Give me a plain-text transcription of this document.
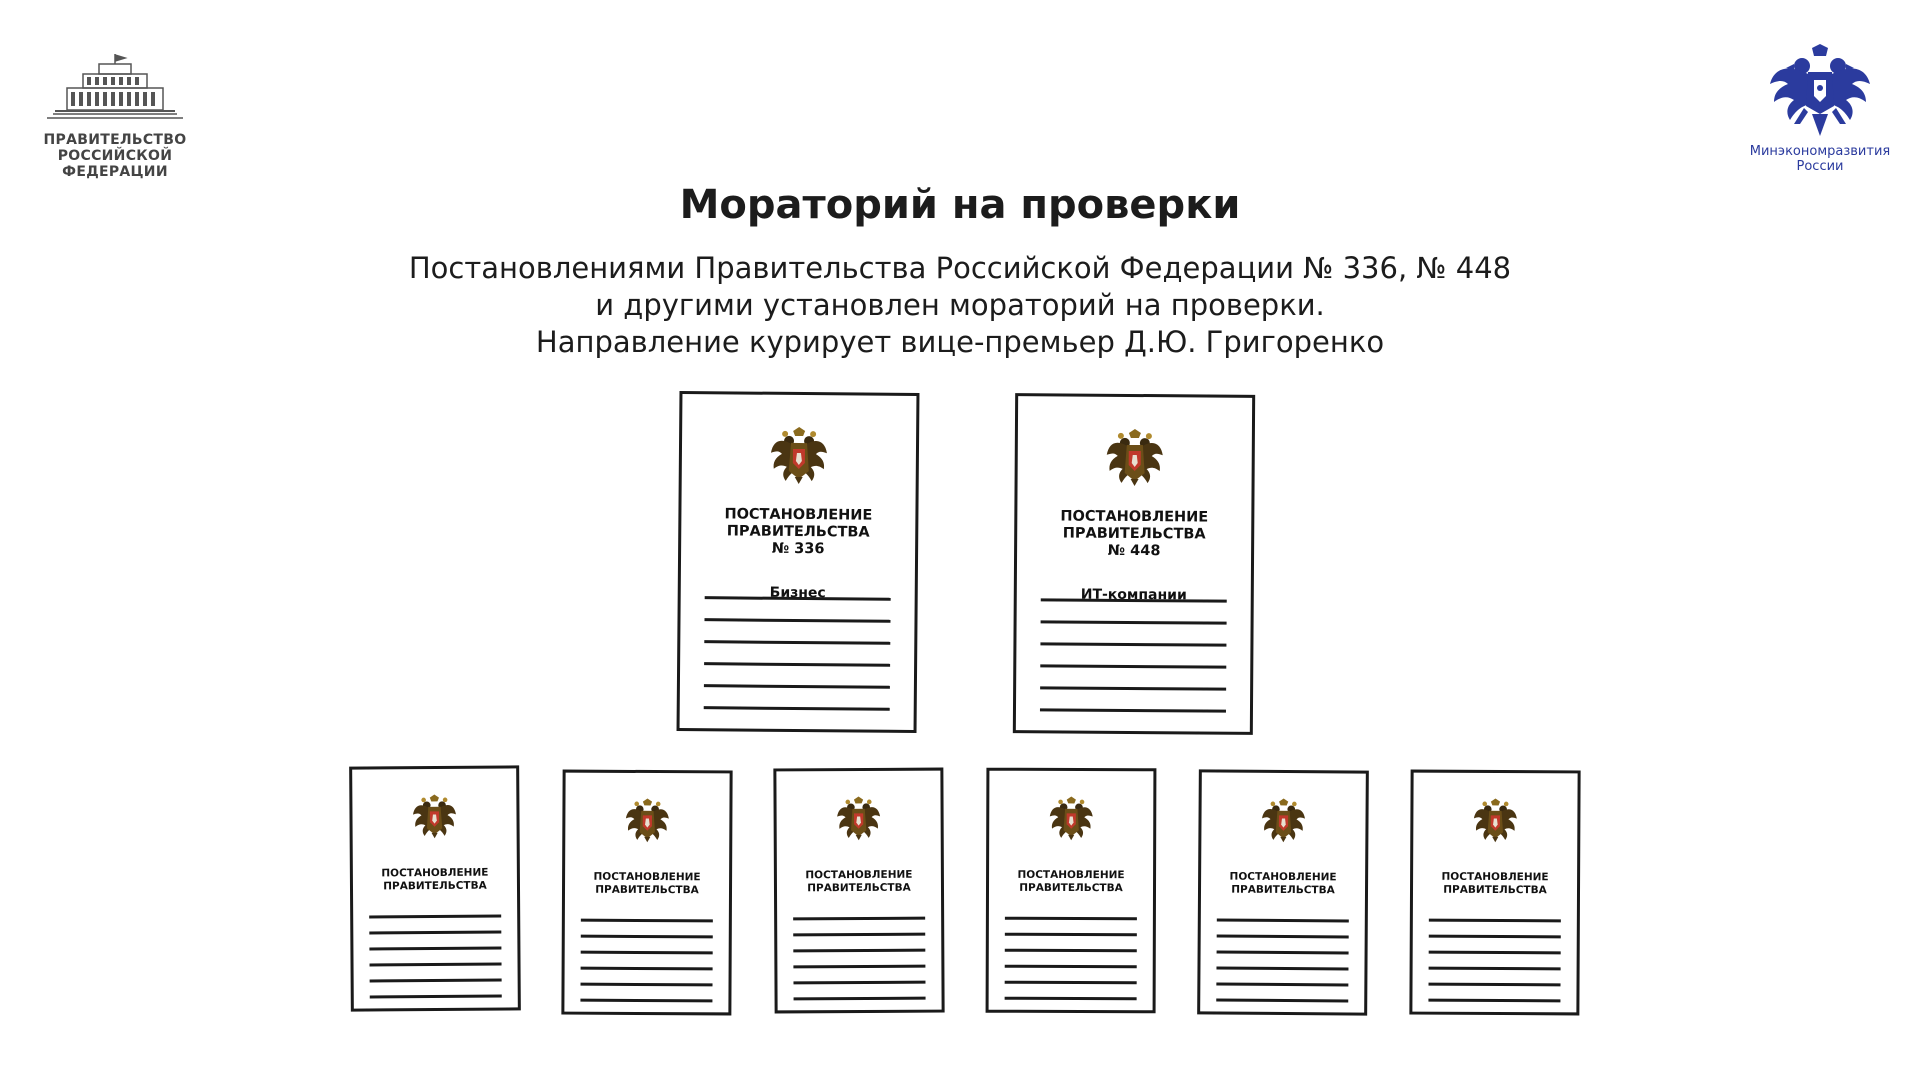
ПРАВИТЕЛЬСТВО
РОССИЙСКОЙ
ФЕДЕРАЦИИ
Минэкономразвития
России
Мораторий на проверки
Постановлениями Правительства Российской Федерации № 336, № 448
и другими установлен мораторий на проверки.
Направление курирует вице-премьер Д.Ю. Григоренко
ПОСТАНОВЛЕНИЕ
ПРАВИТЕЛЬСТВА
№ 336
Бизнес
ПОСТАНОВЛЕНИЕ
ПРАВИТЕЛЬСТВА
№ 448
ИТ-компании
ПОСТАНОВЛЕНИЕ
ПРАВИТЕЛЬСТВА
ПОСТАНОВЛЕНИЕ
ПРАВИТЕЛЬСТВА
ПОСТАНОВЛЕНИЕ
ПРАВИТЕЛЬСТВА
ПОСТАНОВЛЕНИЕ
ПРАВИТЕЛЬСТВА
ПОСТАНОВЛЕНИЕ
ПРАВИТЕЛЬСТВА
ПОСТАНОВЛЕНИЕ
ПРАВИТЕЛЬСТВА
